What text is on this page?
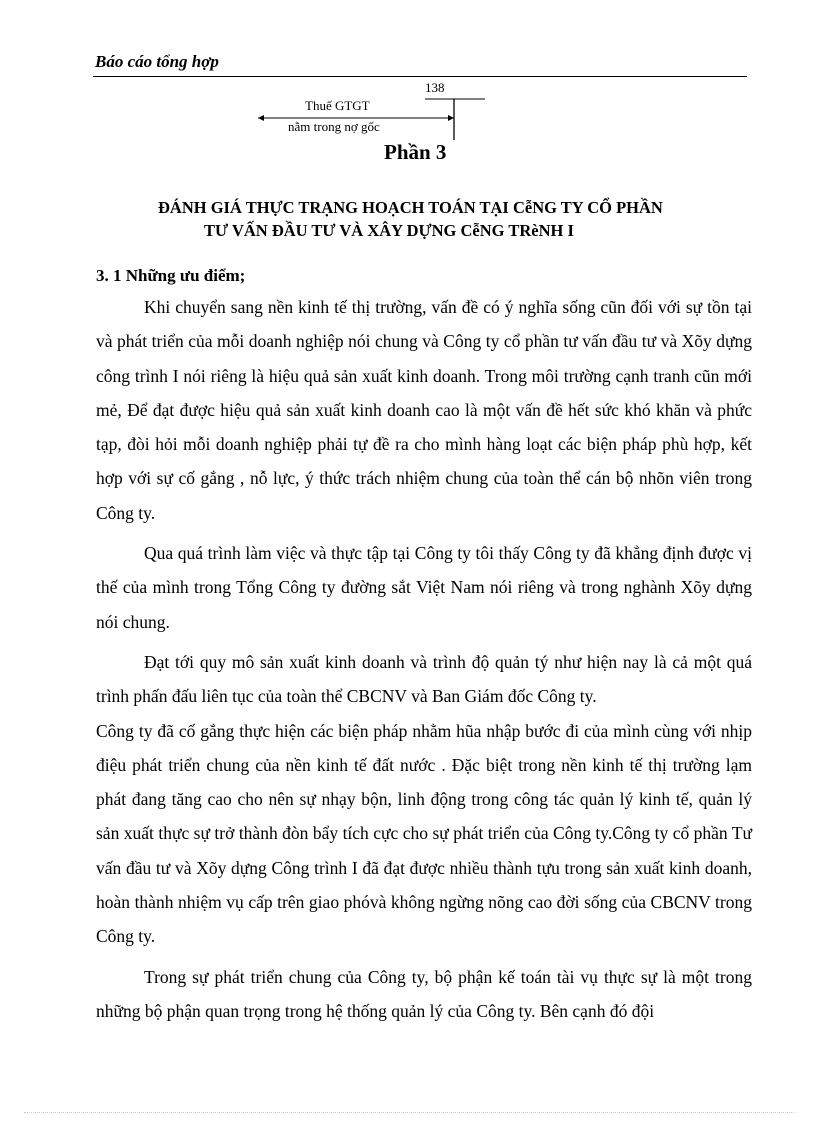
Báo cáo tổng hợp
138
Thuế GTGT
nằm trong nợ gốc
Phần 3
ĐÁNH GIÁ THỰC TRẠNG HOẠCH TOÁN TẠI CễNG TY CỔ PHẦN
TƯ VẤN ĐẦU TƯ VÀ XÂY DỰNG CễNG TRèNH I
3. 1 Những ưu điểm;

Khi chuyển sang nền kinh tế thị trường, vấn đề có ý nghĩa sống cũn đối với sự tồn tại và phát triển của mỗi doanh nghiệp nói chung và Công ty cổ phần tư vấn đầu tư và Xõy dựng công trình I nói riêng là hiệu quả sản xuất kinh doanh. Trong môi trường cạnh tranh cũn mới mẻ, Để đạt được hiệu quả sản xuất kinh doanh cao là một vấn đề hết sức khó khăn và phức tạp, đòi hỏi mỗi doanh nghiệp phải tự đề ra cho mình hàng loạt các biện pháp phù hợp, kết hợp với sự cố gắng , nỗ lực, ý thức trách nhiệm chung của toàn thể cán bộ nhõn viên trong Công ty.

Qua quá trình làm việc và thực tập tại Công ty tôi thấy Công ty đã khẳng định được vị thế của mình trong Tổng Công ty đường sắt Việt Nam nói riêng và trong nghành Xõy dựng nói chung.

Đạt tới quy mô sản xuất kinh doanh và trình độ quản tý như hiện nay là cả một quá trình phấn đấu liên tục của toàn thể CBCNV và Ban Giám đốc Công ty.

Công ty đã cố gắng thực hiện các biện pháp nhằm hũa nhập bước đi của mình cùng với nhịp điệu phát triển chung của nền kinh tế đất nước . Đặc biệt trong nền kinh tế thị trường lạm phát đang tăng cao cho nên sự nhạy bộn, linh động trong công tác quản lý kinh tế, quản lý sản xuất thực sự trở thành đòn bẩy tích cực cho sự phát triển của Công ty.Công ty cổ phần Tư vấn đầu tư và Xõy dựng Công trình I đã đạt được nhiều thành tựu trong sản xuất kinh doanh, hoàn thành nhiệm vụ cấp trên giao phóvà không ngừng nõng cao đời sống của CBCNV trong Công ty.

Trong sự phát triển chung của Công ty, bộ phận kế toán tài vụ thực sự là một trong những bộ phận quan trọng trong hệ thống quản lý của Công ty. Bên cạnh đó đội
